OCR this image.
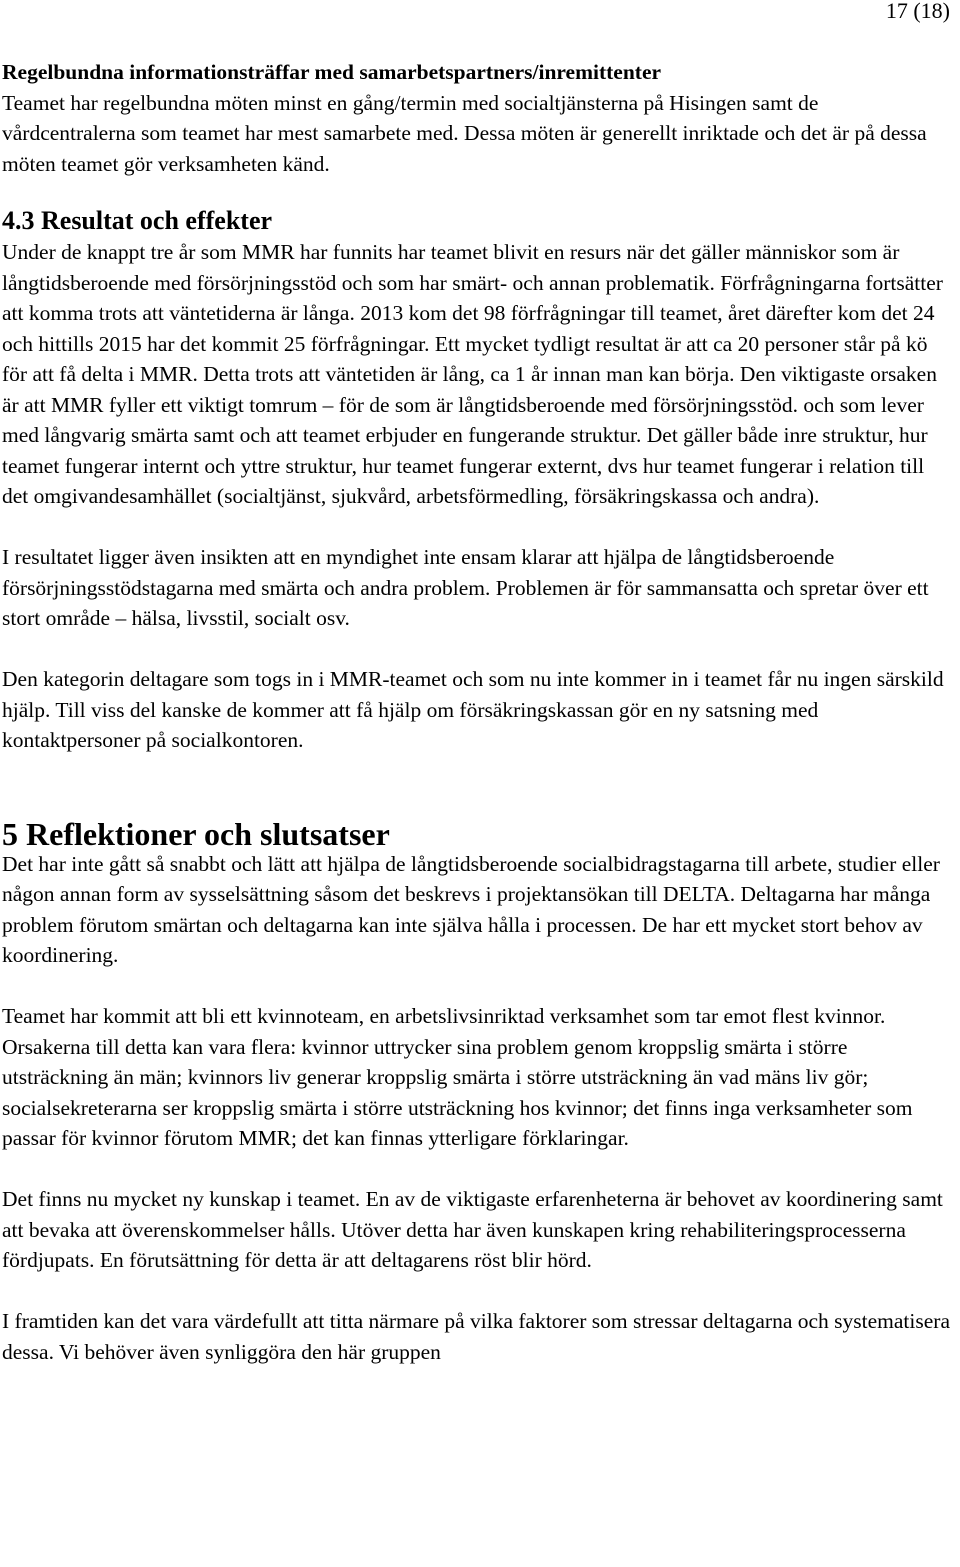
17 (18)

Regelbundna informationsträffar med samarbetspartners/inremittenter

Teamet har regelbundna möten minst en gång/termin med socialtjänsterna på Hisingen samt de vårdcentralerna som teamet har mest samarbete med. Dessa möten är generellt inriktade och det är på dessa möten teamet gör verksamheten känd.

4.3 Resultat och effekter

Under de knappt tre år som MMR har funnits har teamet blivit en resurs när det gäller människor som är långtidsberoende med försörjningsstöd och som har smärt- och annan problematik. Förfrågningarna fortsätter att komma trots att väntetiderna är långa. 2013 kom det 98 förfrågningar till teamet, året därefter kom det 24 och hittills 2015 har det kommit 25 förfrågningar. Ett mycket tydligt resultat är att ca 20 personer står på kö för att få delta i MMR. Detta trots att väntetiden är lång, ca 1 år innan man kan börja. Den viktigaste orsaken är att MMR fyller ett viktigt tomrum – för de som är långtidsberoende med försörjningsstöd. och som lever med långvarig smärta samt och att teamet erbjuder en fungerande struktur. Det gäller både inre struktur, hur teamet fungerar internt och yttre struktur, hur teamet fungerar externt, dvs hur teamet fungerar i relation till det omgivandesamhället (socialtjänst, sjukvård, arbetsförmedling, försäkringskassa och andra).

I resultatet ligger även insikten att en myndighet inte ensam klarar att hjälpa de långtidsberoende försörjningsstödstagarna med smärta och andra problem. Problemen är för sammansatta och spretar över ett stort område – hälsa, livsstil, socialt osv.

Den kategorin deltagare som togs in i MMR-teamet och som nu inte kommer in i teamet får nu ingen särskild hjälp. Till viss del kanske de kommer att få hjälp om försäkringskassan gör en ny satsning med kontaktpersoner på socialkontoren.

5 Reflektioner och slutsatser

Det har inte gått så snabbt och lätt att hjälpa de långtidsberoende socialbidragstagarna till arbete, studier eller någon annan form av sysselsättning såsom det beskrevs i projektansökan till DELTA. Deltagarna har många problem förutom smärtan och deltagarna kan inte själva hålla i processen. De har ett mycket stort behov av koordinering.

Teamet har kommit att bli ett kvinnoteam, en arbetslivsinriktad verksamhet som tar emot flest kvinnor. Orsakerna till detta kan vara flera: kvinnor uttrycker sina problem genom kroppslig smärta i större utsträckning än män; kvinnors liv generar kroppslig smärta i större utsträckning än vad mäns liv gör; socialsekreterarna ser kroppslig smärta i större utsträckning hos kvinnor; det finns inga verksamheter som passar för kvinnor förutom MMR; det kan finnas ytterligare förklaringar.

Det finns nu mycket ny kunskap i teamet. En av de viktigaste erfarenheterna är behovet av koordinering samt att bevaka att överenskommelser hålls. Utöver detta har även kunskapen kring rehabiliteringsprocesserna fördjupats. En förutsättning för detta är att deltagarens röst blir hörd.

I framtiden kan det vara värdefullt att titta närmare på vilka faktorer som stressar deltagarna och systematisera dessa. Vi behöver även synliggöra den här gruppen
